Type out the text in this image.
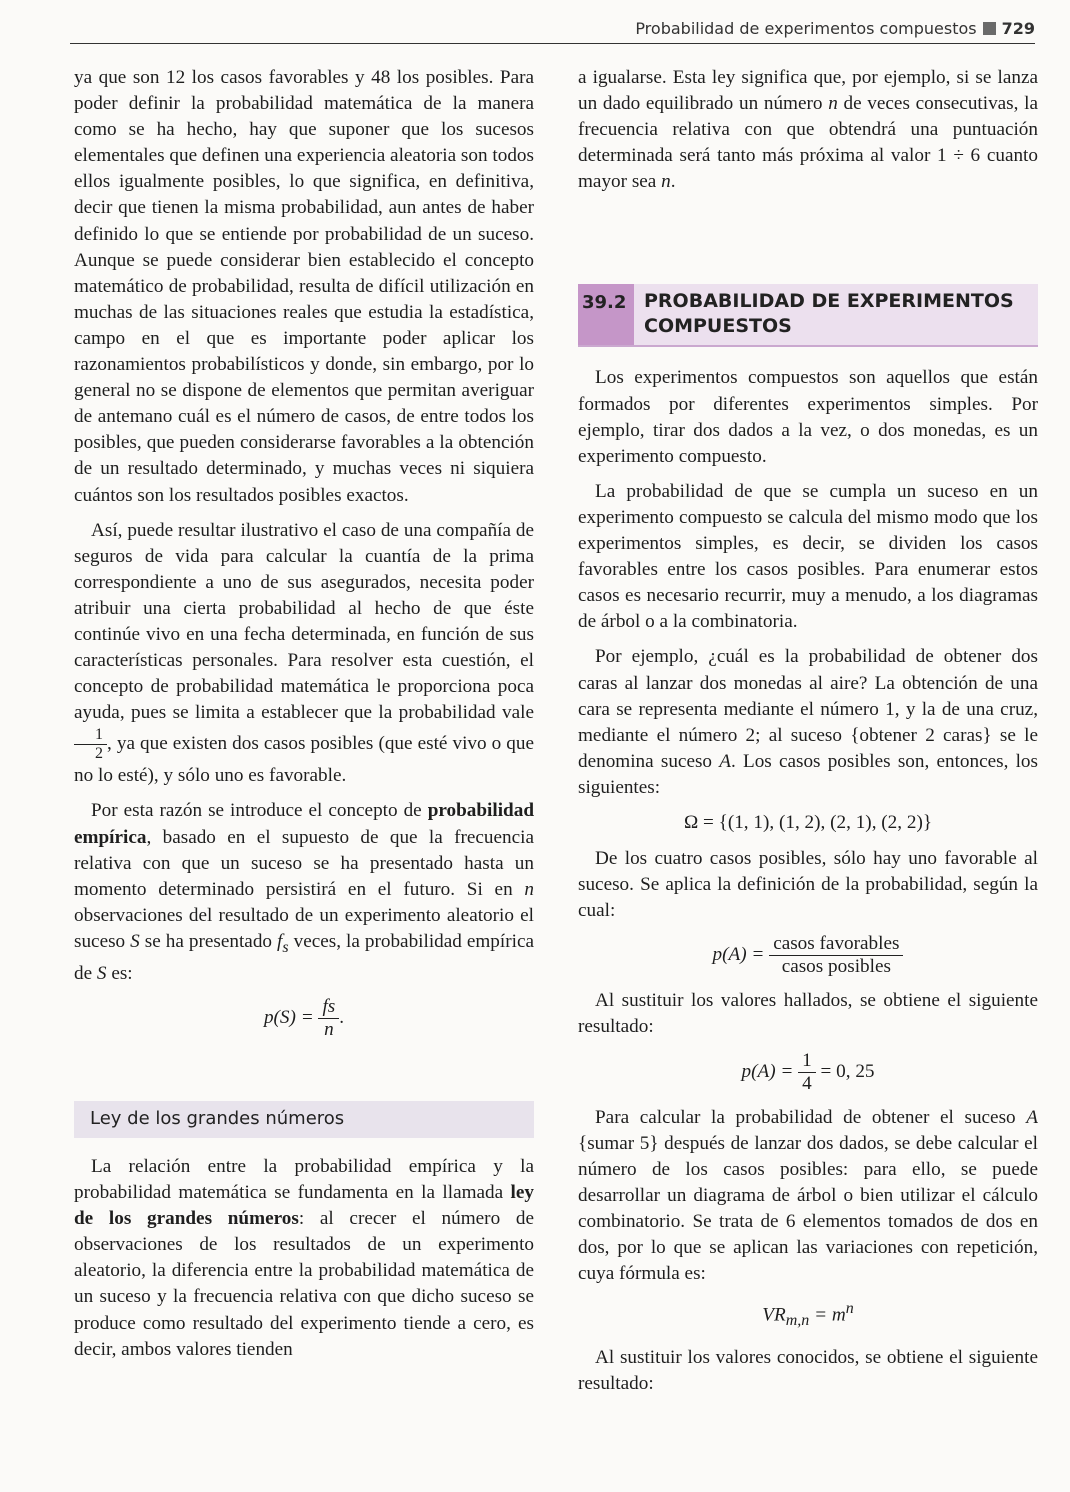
Probabilidad de experimentos compuestos 729

ya que son 12 los casos favorables y 48 los posibles. Para poder definir la probabilidad matemática de la manera como se ha hecho, hay que suponer que los sucesos elementales que definen una experiencia aleatoria son todos ellos igualmente posibles, lo que significa, en definitiva, decir que tienen la misma probabilidad, aun antes de haber definido lo que se entiende por probabilidad de un suceso. Aunque se puede considerar bien establecido el concepto matemático de probabilidad, resulta de difícil utilización en muchas de las situaciones reales que estudia la estadística, campo en el que es importante poder aplicar los razonamientos probabilísticos y donde, sin embargo, por lo general no se dispone de elementos que permitan averiguar de antemano cuál es el número de casos, de entre todos los posibles, que pueden considerarse favorables a la obtención de un resultado determinado, y muchas veces ni siquiera cuántos son los resultados posibles exactos.

Así, puede resultar ilustrativo el caso de una compañía de seguros de vida para calcular la cuantía de la prima correspondiente a uno de sus asegurados, necesita poder atribuir una cierta probabilidad al hecho de que éste continúe vivo en una fecha determinada, en función de sus características personales. Para resolver esta cuestión, el concepto de probabilidad matemática le proporciona poca ayuda, pues se limita a establecer que la probabilidad vale
$\frac{1}{2}$ , ya que existen dos casos posibles (que esté vivo o que no lo esté), y sólo uno es favorable.

Por esta razón se introduce el concepto de probabilidad empírica, basado en el supuesto de que la frecuencia relativa con que un suceso se ha presentado hasta un momento determinado persistirá en el futuro. Si en n observaciones del resultado de un experimento aleatorio el suceso S se ha presentado $f_s$ veces, la probabilidad empírica de S es:

$p(S) = \frac{fs}{n}$ .
Ley de los grandes números

La relación entre la probabilidad empírica y la probabilidad matemática se fundamenta en la llamada ley de los grandes números: al crecer el número de observaciones de los resultados de un experimento aleatorio, la diferencia entre la probabilidad matemática de un suceso y la frecuencia relativa con que dicho suceso se produce como resultado del experimento tiende a cero, es decir, ambos valores tienden

a igualarse. Esta ley significa que, por ejemplo, si se lanza un dado equilibrado un número n de veces consecutivas, la frecuencia relativa con que obtendrá una puntuación determinada será tanto más próxima al valor 1 ÷ 6 cuanto mayor sea n.

39.2 PROBABILIDAD DE EXPERIMENTOS COMPUESTOS

Los experimentos compuestos son aquellos que están formados por diferentes experimentos simples. Por ejemplo, tirar dos dados a la vez, o dos monedas, es un experimento compuesto.

La probabilidad de que se cumpla un suceso en un experimento compuesto se calcula del mismo modo que los experimentos simples, es decir, se dividen los casos favorables entre los casos posibles. Para enumerar estos casos es necesario recurrir, muy a menudo, a los diagramas de árbol o a la combinatoria.

Por ejemplo, ¿cuál es la probabilidad de obtener dos caras al lanzar dos monedas al aire? La obtención de una cara se representa mediante el número 1, y la de una cruz, mediante el número 2; al suceso {obtener 2 caras} se le denomina suceso A. Los casos posibles son, entonces, los siguientes:

Ω = {(1, 1), (1, 2), (2, 1), (2, 2)}

De los cuatro casos posibles, sólo hay uno favorable al suceso. Se aplica la definición de la probabilidad, según la cual:

$p(A) = \frac{\text{casos favorables}}{\text{casos posibles}}$

Al sustituir los valores hallados, se obtiene el siguiente resultado:

$p(A) = \frac{1}{4} = 0$, 25

Para calcular la probabilidad de obtener el suceso A {sumar 5} después de lanzar dos dados, se debe calcular el número de los casos posibles: para ello, se puede desarrollar un diagrama de árbol o bien utilizar el cálculo combinatorio. Se trata de 6 elementos tomados de dos en dos, por lo que se aplican las variaciones con repetición, cuya fórmula es:

$VR_{m,n} = m^n$

Al sustituir los valores conocidos, se obtiene el siguiente resultado:
